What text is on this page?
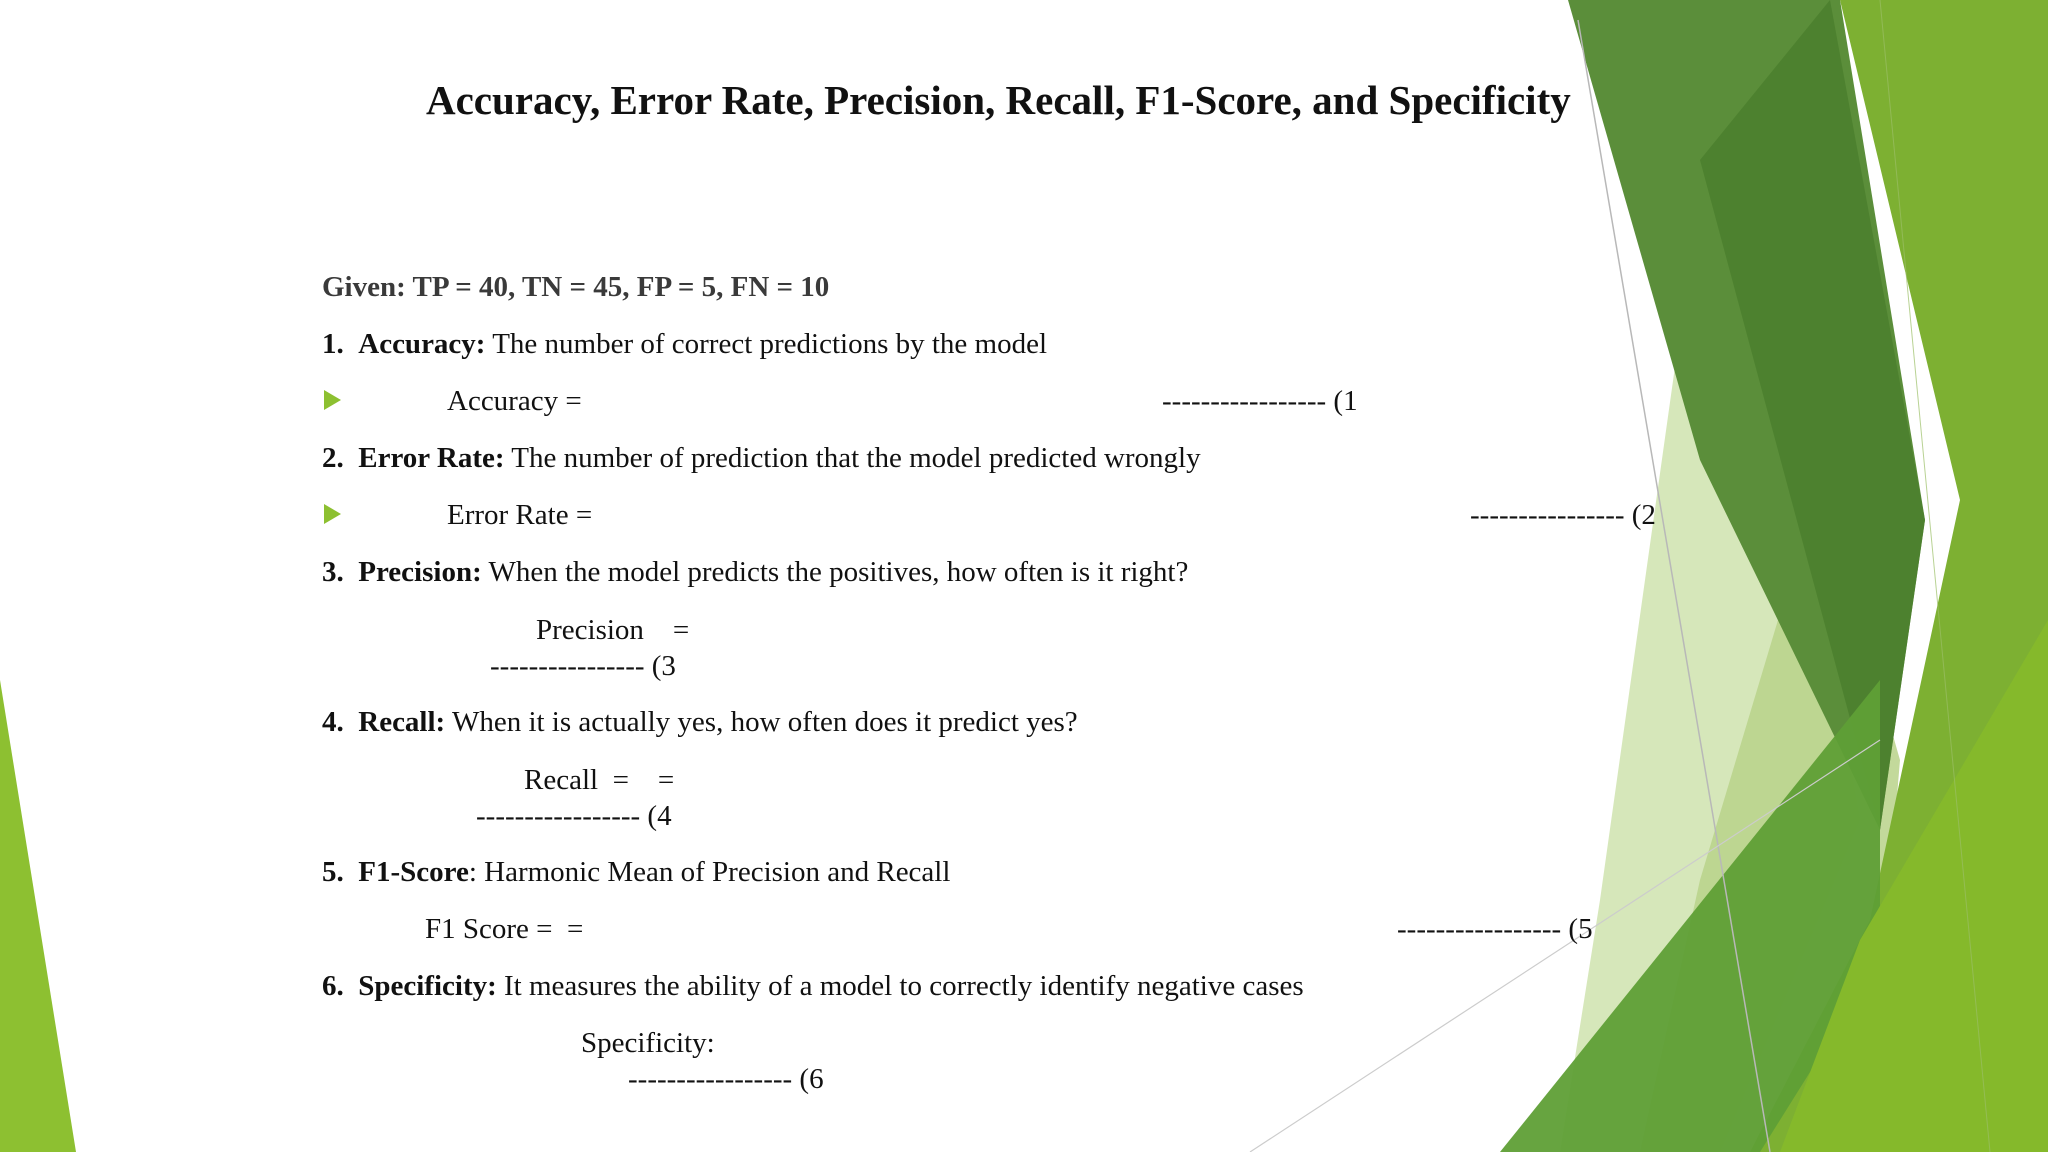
Accuracy, Error Rate, Precision, Recall, F1-Score, and Specificity
Given: TP = 40, TN = 45, FP = 5, FN = 10
1. Accuracy: The number of correct predictions by the model
Accuracy =	----------------- (1
2. Error Rate: The number of prediction that the model predicted wrongly
Error Rate =	---------------- (2
3. Precision: When the model predicts the positives, how often is it right?
Precision    =
---------------- (3
4. Recall: When it is actually yes, how often does it predict yes?
Recall  =    =
----------------- (4
5. F1-Score: Harmonic Mean of Precision and Recall
F1 Score =  =	----------------- (5
6. Specificity: It measures the ability of a model to correctly identify negative cases
Specificity:
----------------- (6
